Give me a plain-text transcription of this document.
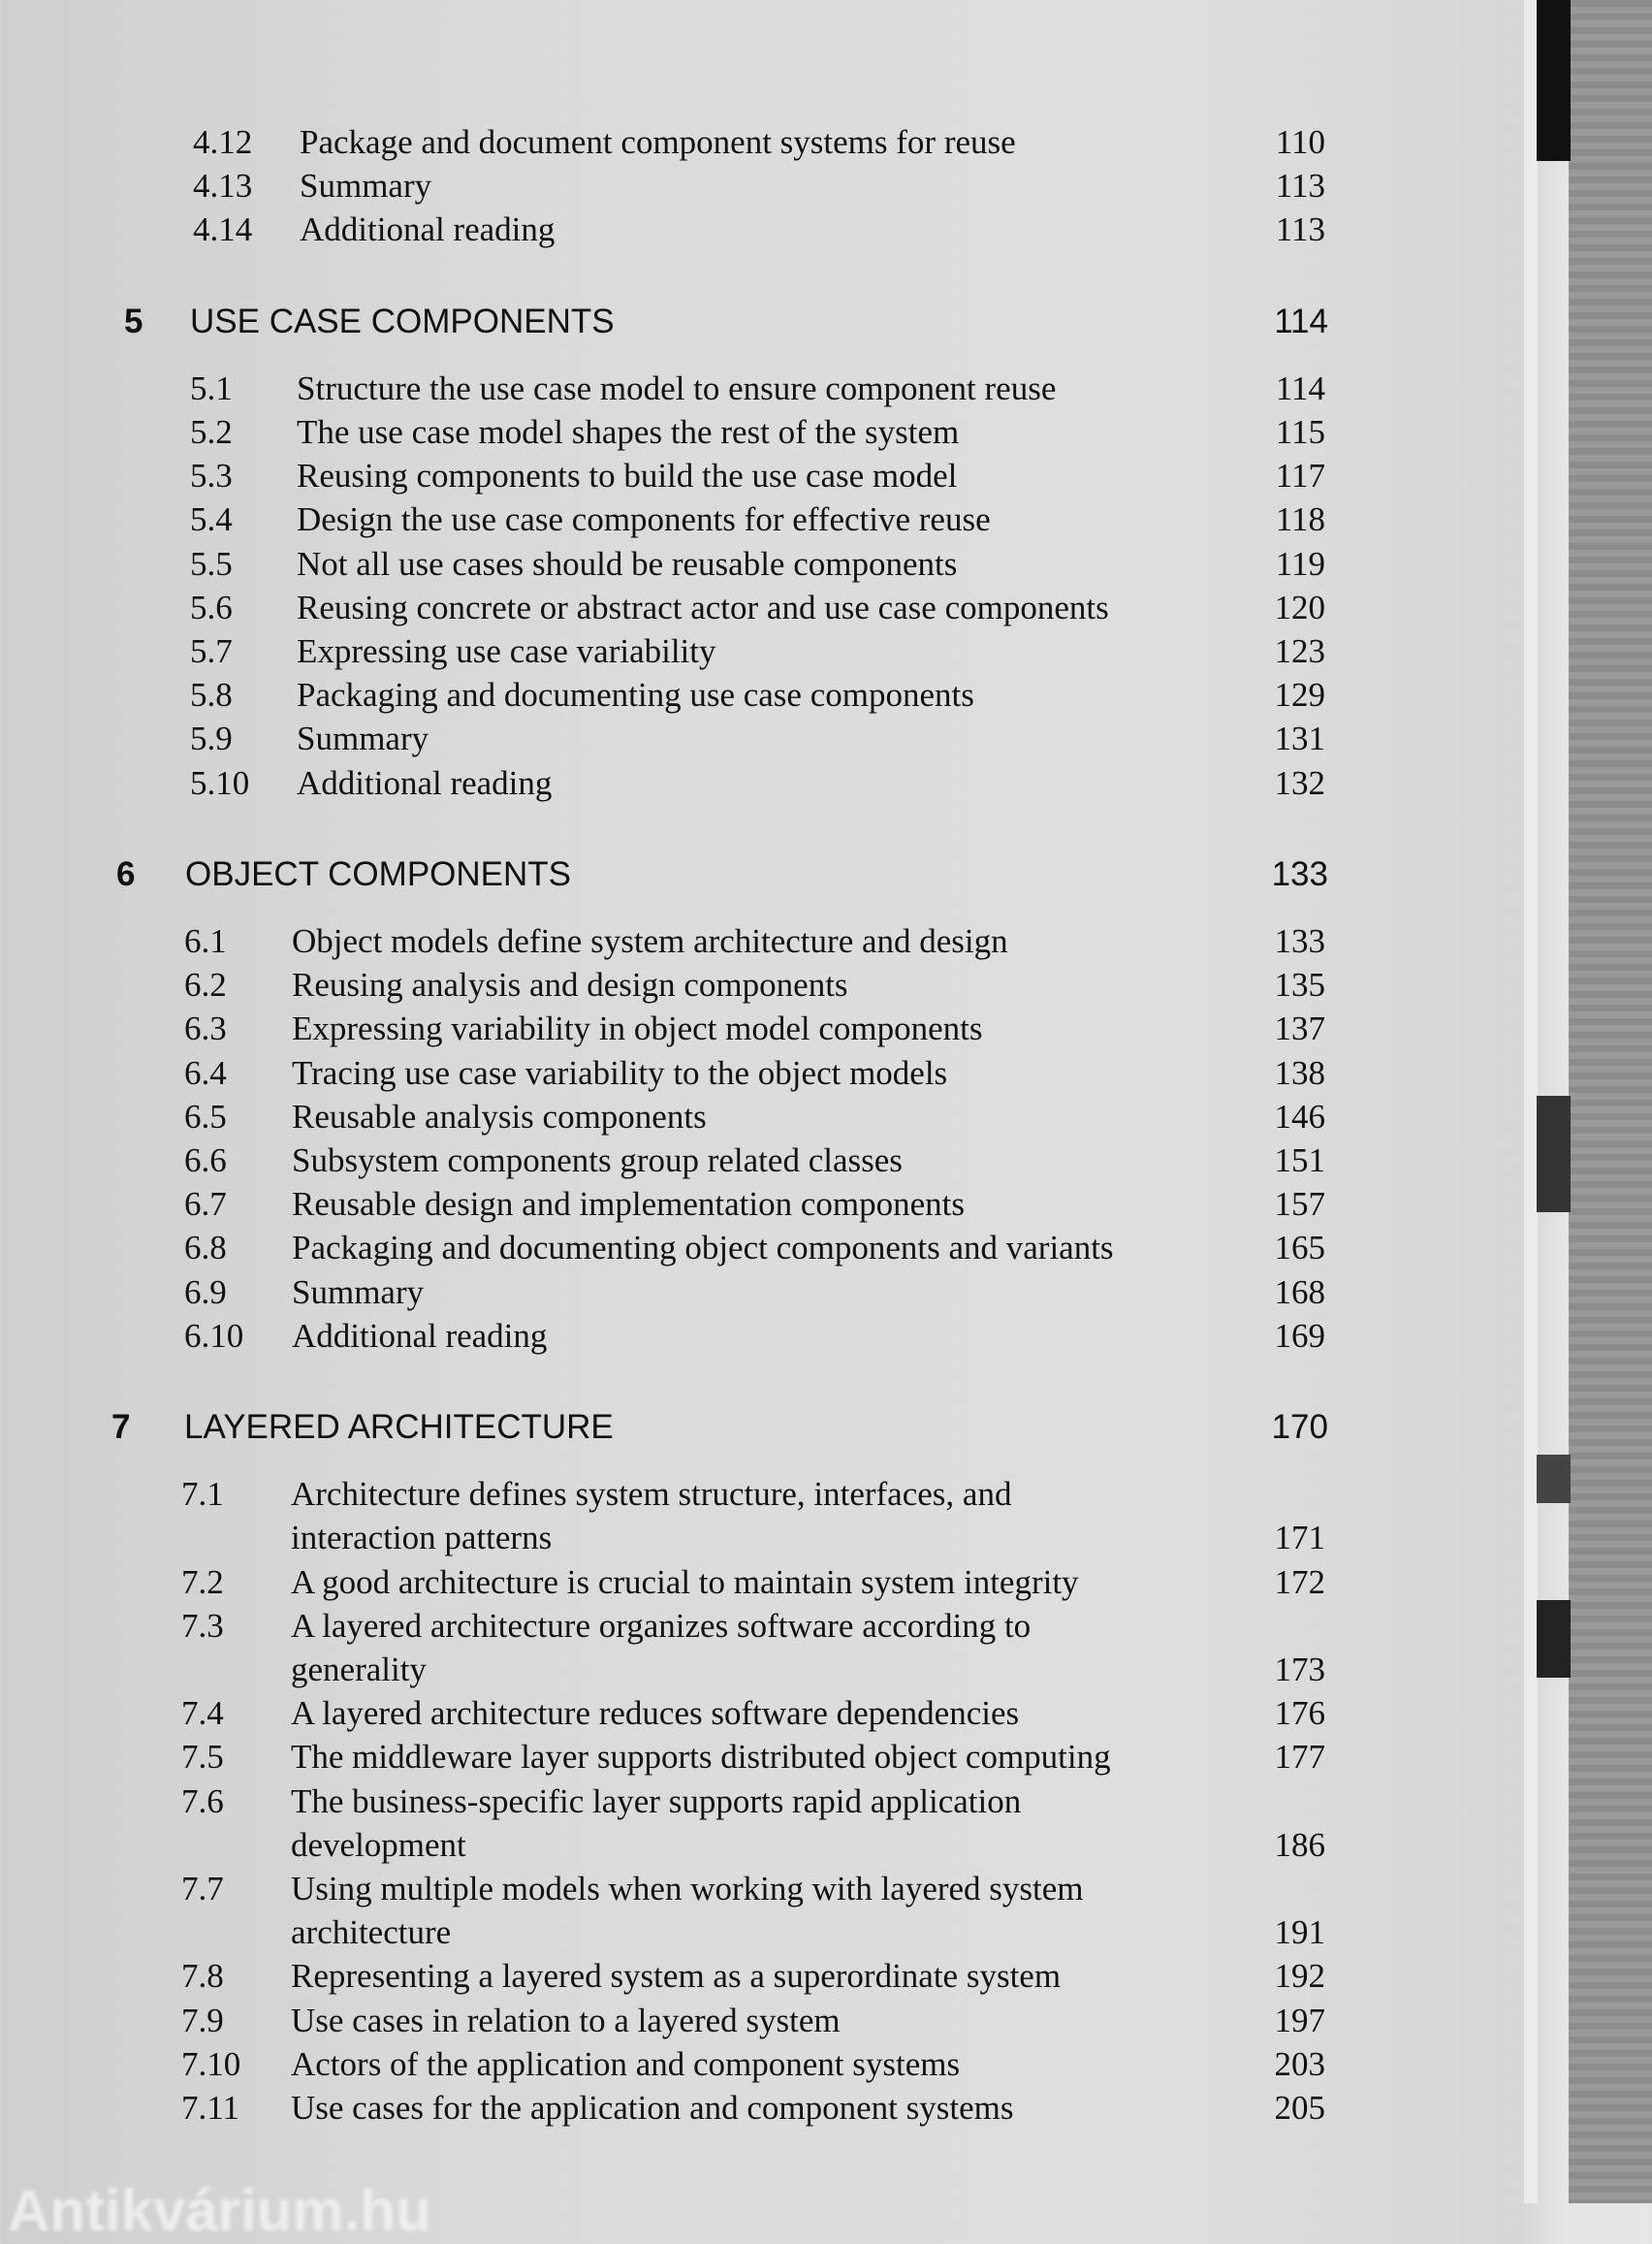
4.12 Package and document component systems for reuse	110
4.13 Summary	113
4.14 Additional reading	113
5 USE CASE COMPONENTS	114
5.1 Structure the use case model to ensure component reuse	114
5.2 The use case model shapes the rest of the system	115
5.3 Reusing components to build the use case model	117
5.4 Design the use case components for effective reuse	118
5.5 Not all use cases should be reusable components	119
5.6 Reusing concrete or abstract actor and use case components	120
5.7 Expressing use case variability	123
5.8 Packaging and documenting use case components	129
5.9 Summary	131
5.10 Additional reading	132
6 OBJECT COMPONENTS	133
6.1 Object models define system architecture and design	133
6.2 Reusing analysis and design components	135
6.3 Expressing variability in object model components	137
6.4 Tracing use case variability to the object models	138
6.5 Reusable analysis components	146
6.6 Subsystem components group related classes	151
6.7 Reusable design and implementation components	157
6.8 Packaging and documenting object components and variants	165
6.9 Summary	168
6.10 Additional reading	169
7 LAYERED ARCHITECTURE	170
7.1 Architecture defines system structure, interfaces, and
interaction patterns	171
7.2 A good architecture is crucial to maintain system integrity	172
7.3 A layered architecture organizes software according to
generality	173
7.4 A layered architecture reduces software dependencies	176
7.5 The middleware layer supports distributed object computing	177
7.6 The business-specific layer supports rapid application
development	186
7.7 Using multiple models when working with layered system
architecture	191
7.8 Representing a layered system as a superordinate system	192
7.9 Use cases in relation to a layered system	197
7.10 Actors of the application and component systems	203
7.11 Use cases for the application and component systems	205
Antikvárium.hu
